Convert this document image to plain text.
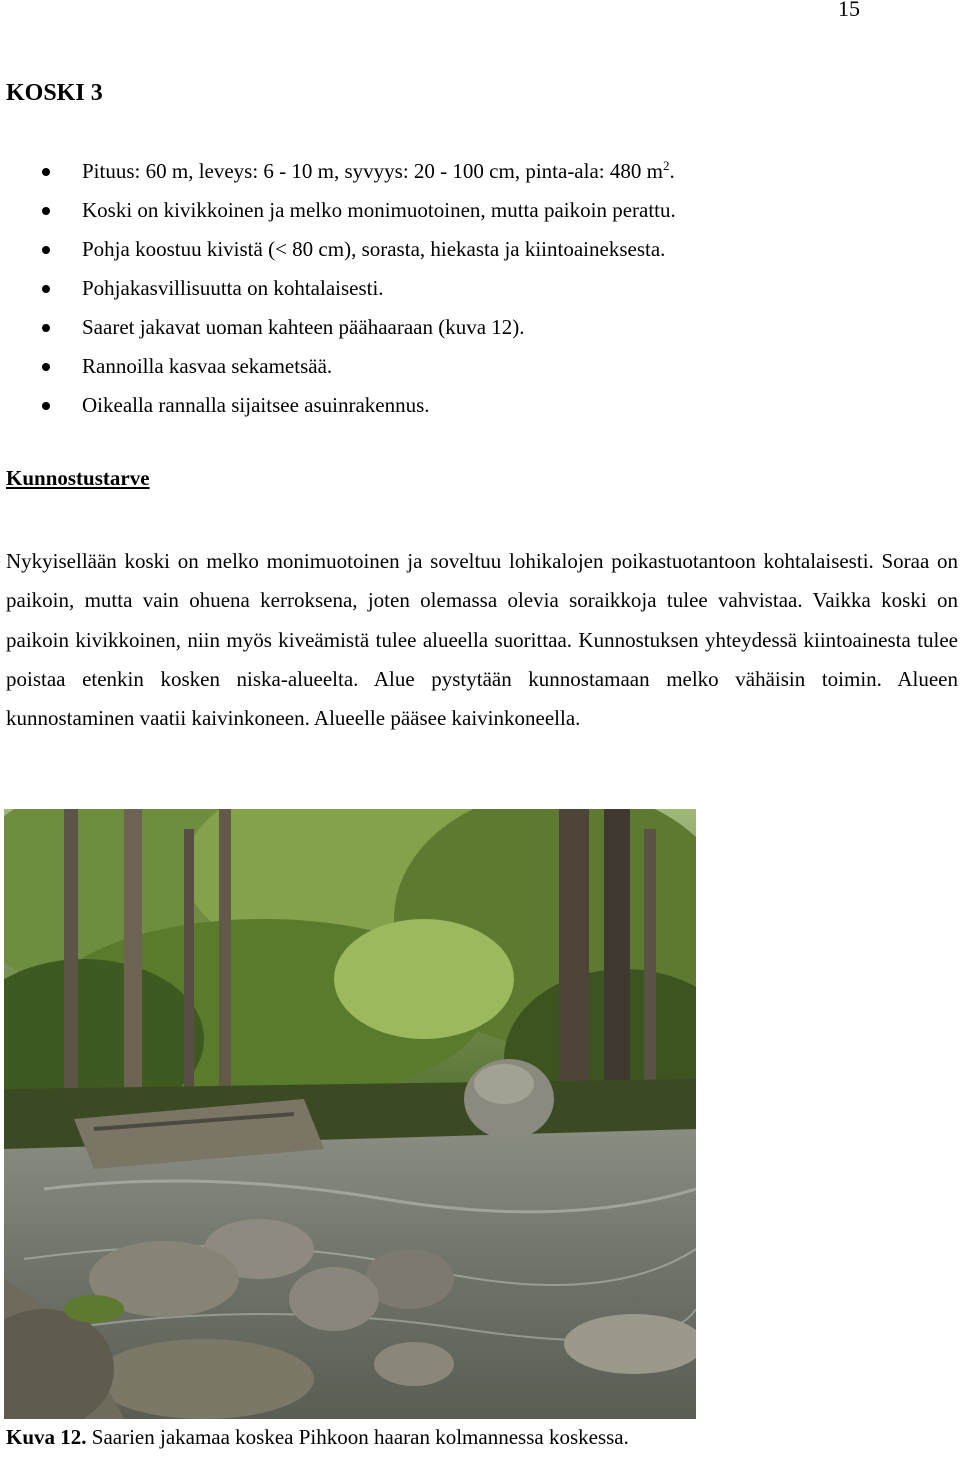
15
KOSKI 3
Pituus: 60 m, leveys: 6 - 10 m, syvyys: 20 - 100 cm, pinta-ala: 480 $m^2$.
Koski on kivikkoinen ja melko monimuotoinen, mutta paikoin perattu.
Pohja koostuu kivistä (< 80 cm), sorasta, hiekasta ja kiintoaineksesta.
Pohjakasvillisuutta on kohtalaisesti.
Saaret jakavat uoman kahteen päähaaraan (kuva 12).
Rannoilla kasvaa sekametsää.
Oikealla rannalla sijaitsee asuinrakennus.
Kunnostustarve

Nykyisellään koski on melko monimuotoinen ja soveltuu lohikalojen poikastuotantoon kohtalaisesti. Soraa on paikoin, mutta vain ohuena kerroksena, joten olemassa olevia soraikkoja tulee vahvistaa. Vaikka koski on paikoin kivikkoinen, niin myös kiveämistä tulee alueella suorittaa. Kunnostuksen yhteydessä kiintoainesta tulee poistaa etenkin kosken niska-alueelta. Alue pystytään kunnostamaan melko vähäisin toimin. Alueen kunnostaminen vaatii kaivinkoneen. Alueelle pääsee kaivinkoneella.

Kuva 12. Saarien jakamaa koskea Pihkoon haaran kolmannessa koskessa.
